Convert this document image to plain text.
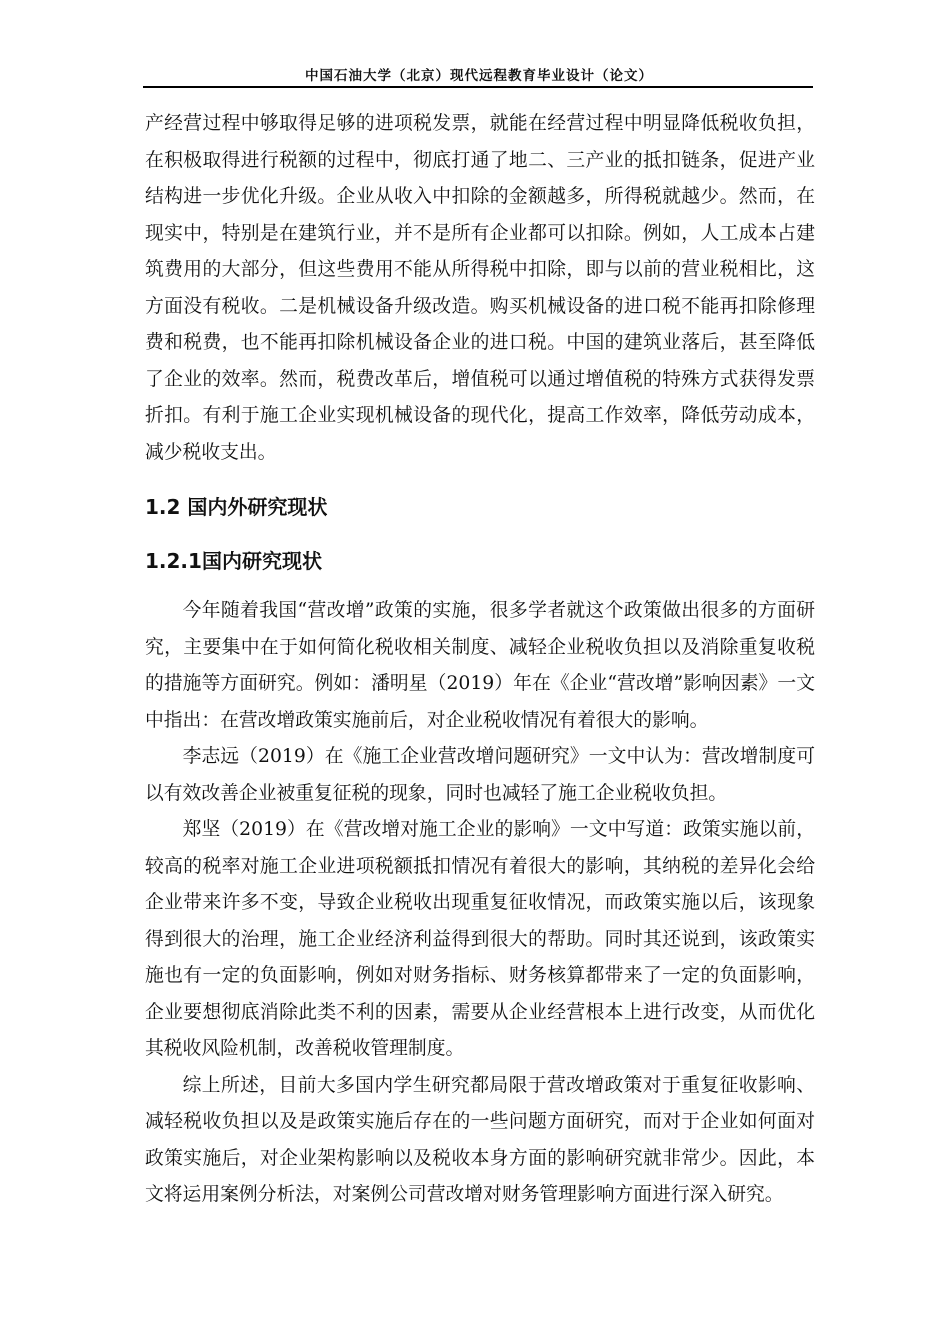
中国石油大学（北京）现代远程教育毕业设计（论文）

产经营过程中够取得足够的进项税发票，就能在经营过程中明显降低税收负担，在积极取得进行税额的过程中，彻底打通了地二、三产业的抵扣链条，促进产业结构进一步优化升级。企业从收入中扣除的金额越多，所得税就越少。然而，在现实中，特别是在建筑行业，并不是所有企业都可以扣除。例如，人工成本占建筑费用的大部分，但这些费用不能从所得税中扣除，即与以前的营业税相比，这方面没有税收。二是机械设备升级改造。购买机械设备的进口税不能再扣除修理费和税费，也不能再扣除机械设备企业的进口税。中国的建筑业落后，甚至降低了企业的效率。然而，税费改革后，增值税可以通过增值税的特殊方式获得发票折扣。有利于施工企业实现机械设备的现代化，提高工作效率，降低劳动成本，减少税收支出。

1.2 国内外研究现状
1.2.1国内研究现状

今年随着我国“营改增”政策的实施，很多学者就这个政策做出很多的方面研究，主要集中在于如何简化税收相关制度、减轻企业税收负担以及消除重复收税的措施等方面研究。例如：潘明星（2019）年在《企业“营改增”影响因素》一文中指出：在营改增政策实施前后，对企业税收情况有着很大的影响。

李志远（2019）在《施工企业营改增问题研究》一文中认为：营改增制度可以有效改善企业被重复征税的现象，同时也减轻了施工企业税收负担。

郑坚（2019）在《营改增对施工企业的影响》一文中写道：政策实施以前，较高的税率对施工企业进项税额抵扣情况有着很大的影响，其纳税的差异化会给企业带来许多不变，导致企业税收出现重复征收情况，而政策实施以后，该现象得到很大的治理，施工企业经济利益得到很大的帮助。同时其还说到，该政策实施也有一定的负面影响，例如对财务指标、财务核算都带来了一定的负面影响，企业要想彻底消除此类不利的因素，需要从企业经营根本上进行改变，从而优化其税收风险机制，改善税收管理制度。

综上所述，目前大多国内学生研究都局限于营改增政策对于重复征收影响、减轻税收负担以及是政策实施后存在的一些问题方面研究，而对于企业如何面对政策实施后，对企业架构影响以及税收本身方面的影响研究就非常少。因此，本文将运用案例分析法，对案例公司营改增对财务管理影响方面进行深入研究。
